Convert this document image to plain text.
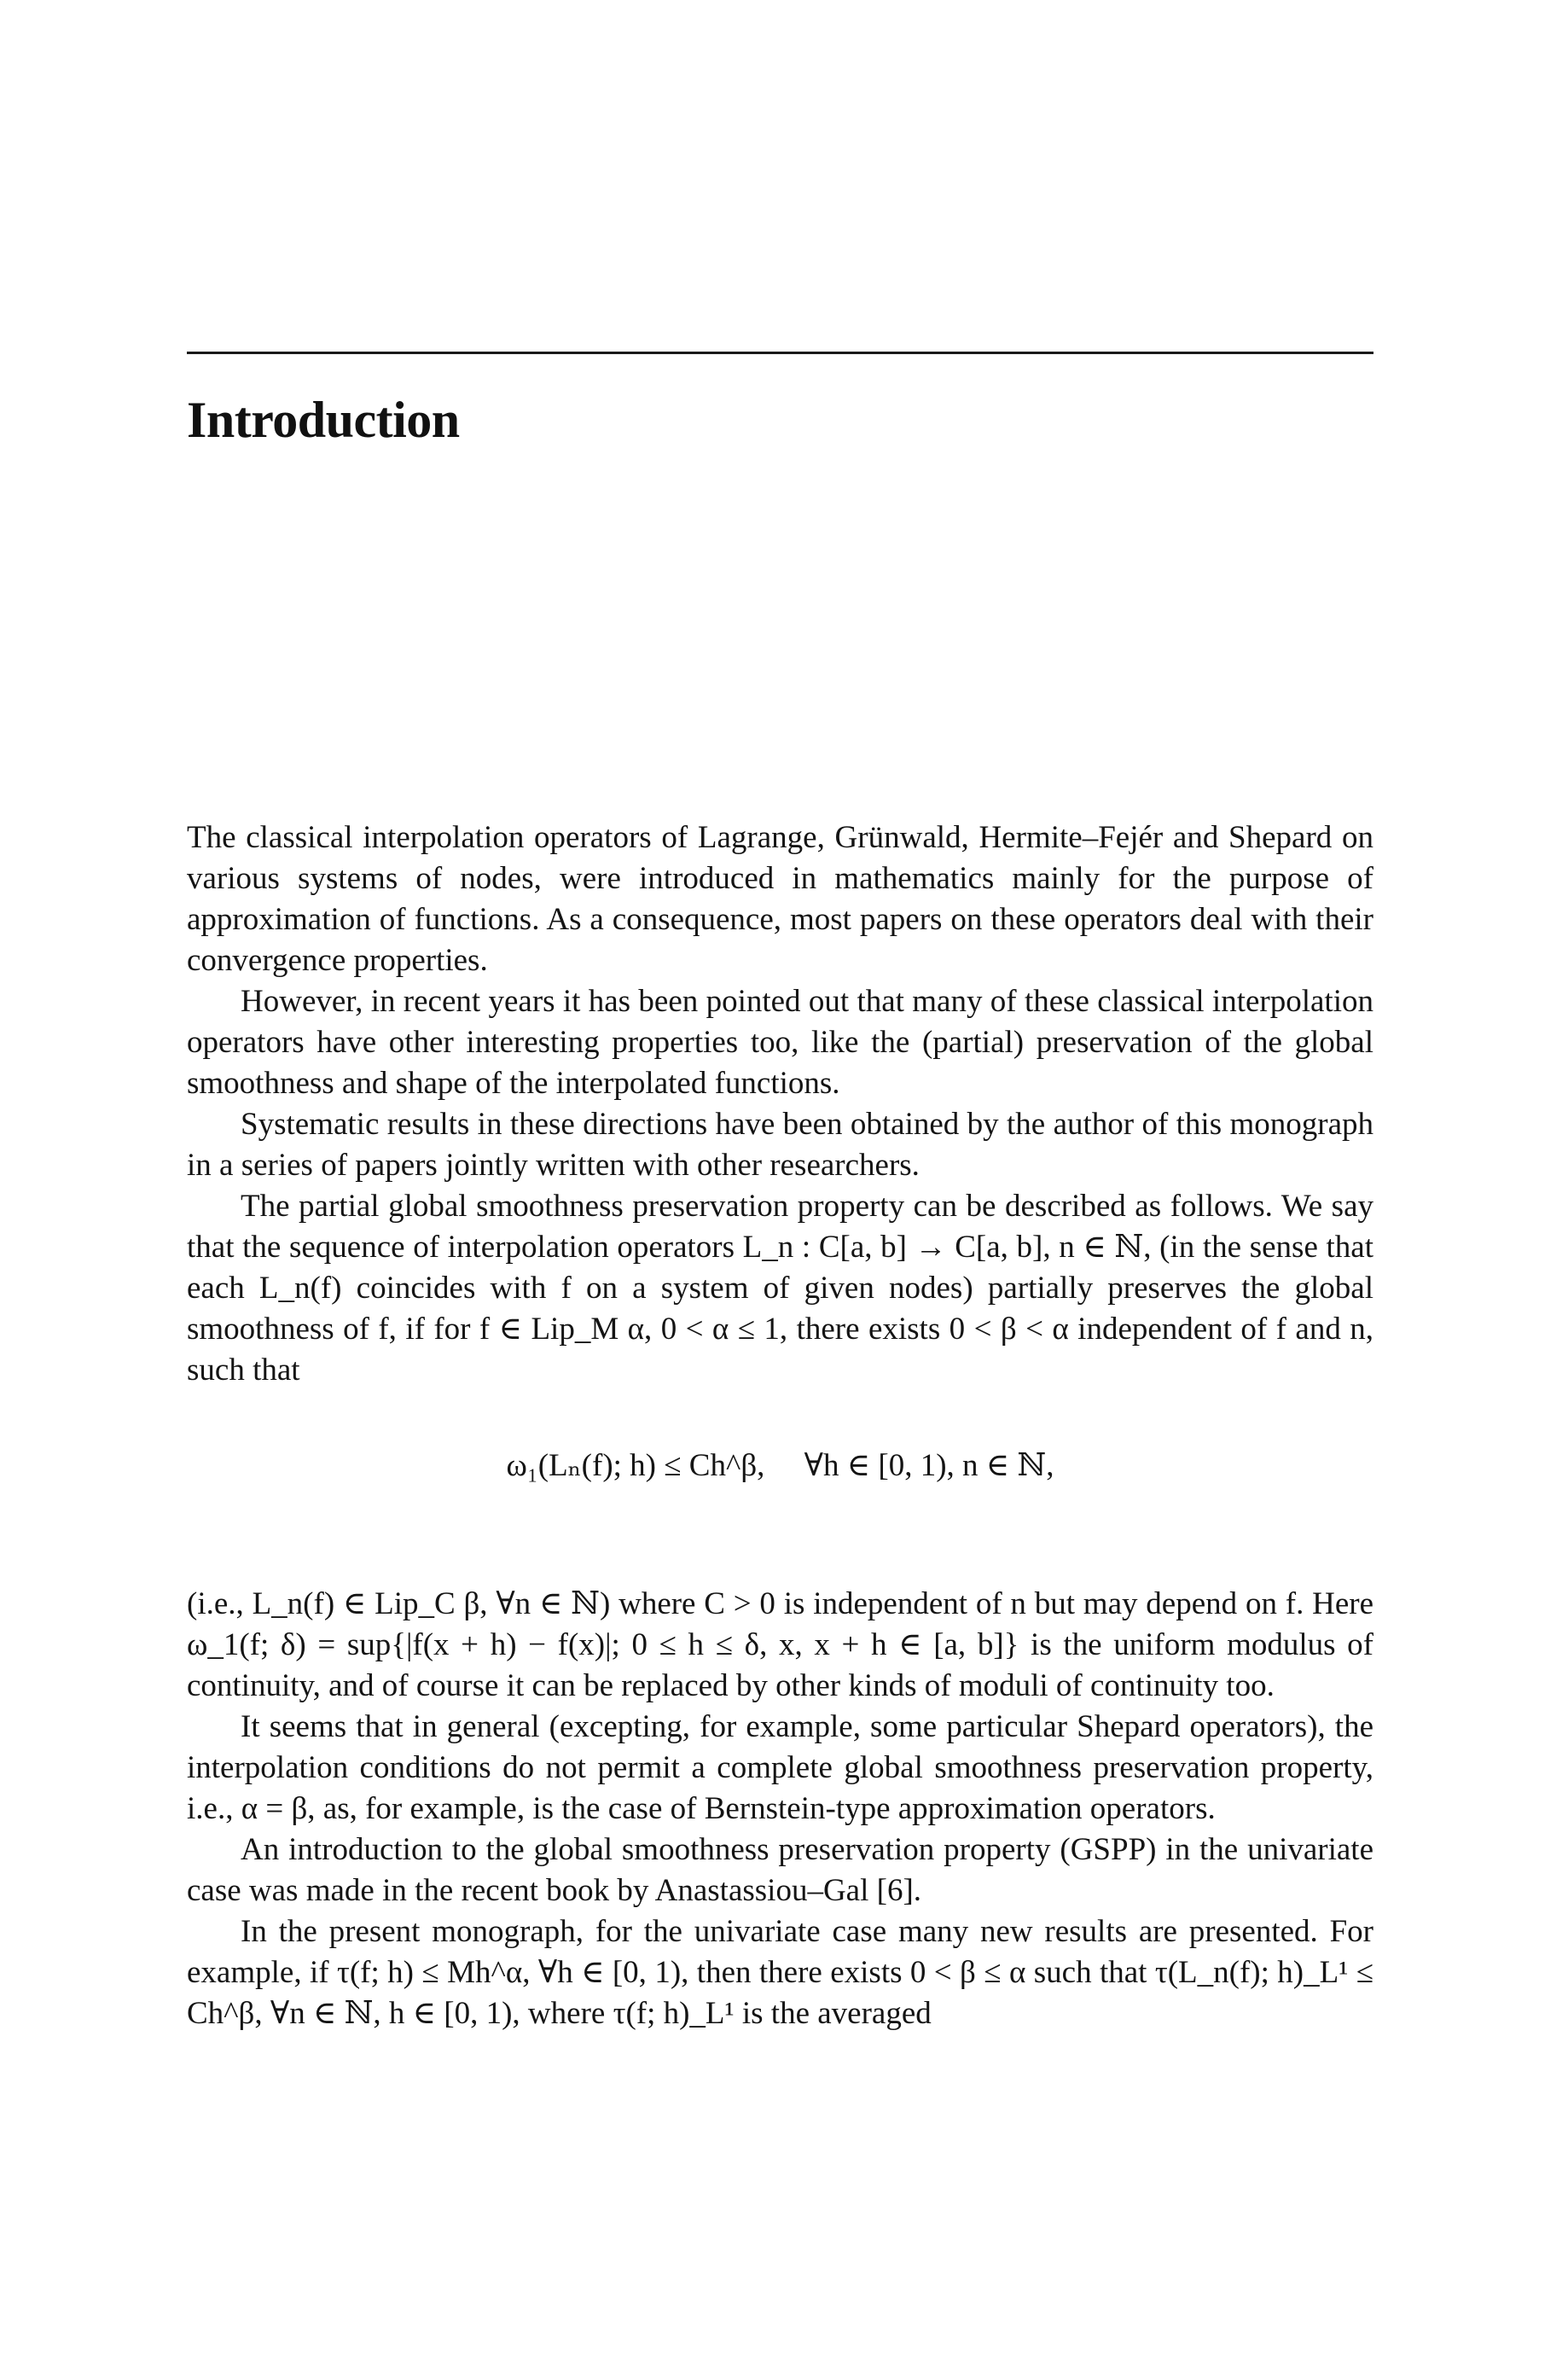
Introduction

The classical interpolation operators of Lagrange, Grünwald, Hermite–Fejér and Shepard on various systems of nodes, were introduced in mathematics mainly for the purpose of approximation of functions. As a consequence, most papers on these operators deal with their convergence properties.

However, in recent years it has been pointed out that many of these classical interpolation operators have other interesting properties too, like the (partial) preservation of the global smoothness and shape of the interpolated functions.

Systematic results in these directions have been obtained by the author of this monograph in a series of papers jointly written with other researchers.

The partial global smoothness preservation property can be described as follows. We say that the sequence of interpolation operators L_n : C[a, b] → C[a, b], n ∈ ℕ, (in the sense that each L_n(f) coincides with f on a system of given nodes) partially preserves the global smoothness of f, if for f ∈ Lip_M α, 0 < α ≤ 1, there exists 0 < β < α independent of f and n, such that

ω₁(Lₙ(f); h) ≤ Ch^β,     ∀h ∈ [0, 1), n ∈ ℕ,

(i.e., L_n(f) ∈ Lip_C β, ∀n ∈ ℕ) where C > 0 is independent of n but may depend on f. Here ω_1(f; δ) = sup{|f(x + h) − f(x)|; 0 ≤ h ≤ δ, x, x + h ∈ [a, b]} is the uniform modulus of continuity, and of course it can be replaced by other kinds of moduli of continuity too.

It seems that in general (excepting, for example, some particular Shepard operators), the interpolation conditions do not permit a complete global smoothness preservation property, i.e., α = β, as, for example, is the case of Bernstein-type approximation operators.

An introduction to the global smoothness preservation property (GSPP) in the univariate case was made in the recent book by Anastassiou–Gal [6].

In the present monograph, for the univariate case many new results are presented. For example, if τ(f; h) ≤ Mh^α, ∀h ∈ [0, 1), then there exists 0 < β ≤ α such that τ(L_n(f); h)_L¹ ≤ Ch^β, ∀n ∈ ℕ, h ∈ [0, 1), where τ(f; h)_L¹ is the averaged
